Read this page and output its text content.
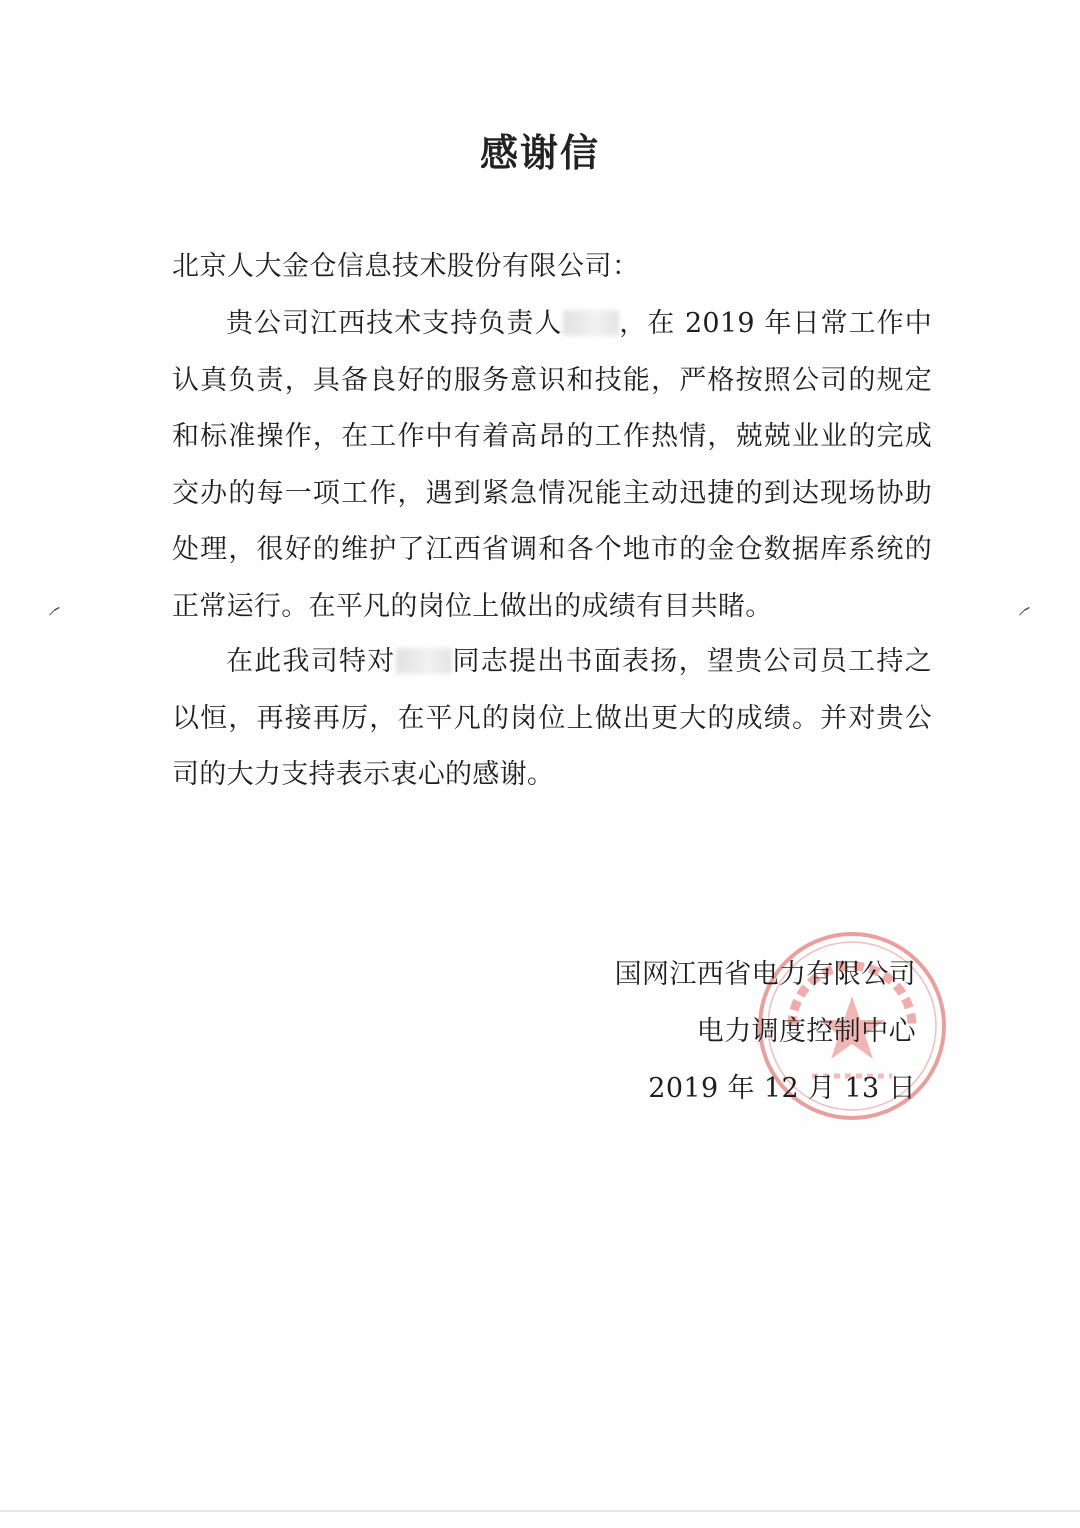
感谢信
北京人大金仓信息技术股份有限公司：
贵公司江西技术支持负责人 ，在 2019 年日常工作中认真负责，具备良好的服务意识和技能，严格按照公司的规定和标准操作，在工作中有着高昂的工作热情，兢兢业业的完成交办的每一项工作，遇到紧急情况能主动迅捷的到达现场协助处理，很好的维护了江西省调和各个地市的金仓数据库系统的正常运行。在平凡的岗位上做出的成绩有目共睹。
在此我司特对 同志提出书面表扬，望贵公司员工持之以恒，再接再厉，在平凡的岗位上做出更大的成绩。并对贵公司的大力支持表示衷心的感谢。
国网江西省电力有限公司
电力调度控制中心
2019 年 12 月 13 日
⸝̷	⸝̷
